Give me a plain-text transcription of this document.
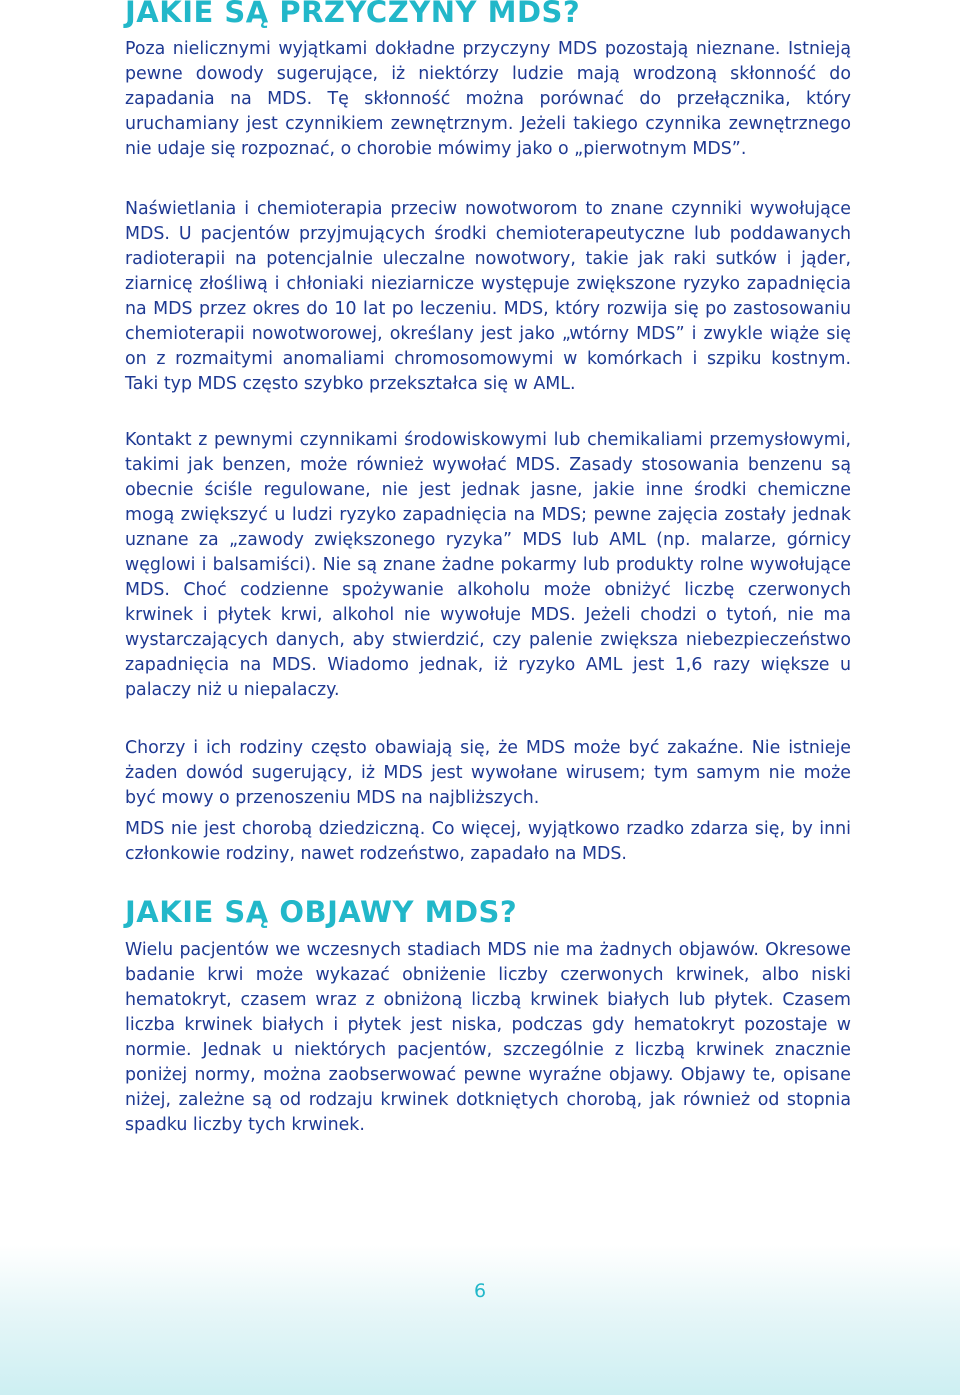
JAKIE SĄ PRZYCZYNY MDS?

Poza nielicznymi wyjątkami dokładne przyczyny MDS pozostają nieznane. Istnieją pewne dowody sugerujące, iż niektórzy ludzie mają wrodzoną skłonność do zapadania na MDS. Tę skłonność można porównać do przełącznika, który uruchamiany jest czynnikiem zewnętrznym. Jeżeli takiego czynnika zewnętrznego nie udaje się rozpoznać, o chorobie mówimy jako o „pierwotnym MDS”.

Naświetlania i chemioterapia przeciw nowotworom to znane czynniki wywołujące MDS. U pacjentów przyjmujących środki chemioterapeutyczne lub poddawanych radioterapii na potencjalnie uleczalne nowotwory, takie jak raki sutków i jąder, ziarnicę złośliwą i chłoniaki nieziarnicze występuje zwiększone ryzyko zapadnięcia na MDS przez okres do 10 lat po leczeniu. MDS, który rozwija się po zastosowaniu chemioterapii nowotworowej, określany jest jako „wtórny MDS” i zwykle wiąże się on z rozmaitymi anomaliami chromosomowymi w komórkach i szpiku kostnym. Taki typ MDS często szybko przekształca się w AML.

Kontakt z pewnymi czynnikami środowiskowymi lub chemikaliami przemysłowymi, takimi jak benzen, może również wywołać MDS. Zasady stosowania benzenu są obecnie ściśle regulowane, nie jest jednak jasne, jakie inne środki chemiczne mogą zwiększyć u ludzi ryzyko zapadnięcia na MDS; pewne zajęcia zostały jednak uznane za „zawody zwiększonego ryzyka” MDS lub AML (np. malarze, górnicy węglowi i balsamiści). Nie są znane żadne pokarmy lub produkty rolne wywołujące MDS. Choć codzienne spożywanie alkoholu może obniżyć liczbę czerwonych krwinek i płytek krwi, alkohol nie wywołuje MDS. Jeżeli chodzi o tytoń, nie ma wystarczających danych, aby stwierdzić, czy palenie zwiększa niebezpieczeństwo zapadnięcia na MDS. Wiadomo jednak, iż ryzyko AML jest 1,6 razy większe u palaczy niż u niepalaczy.

Chorzy i ich rodziny często obawiają się, że MDS może być zakaźne. Nie istnieje żaden dowód sugerujący, iż MDS jest wywołane wirusem; tym samym nie może być mowy o przenoszeniu MDS na najbliższych.

MDS nie jest chorobą dziedziczną. Co więcej, wyjątkowo rzadko zdarza się, by inni członkowie rodziny, nawet rodzeństwo, zapadało na MDS.

JAKIE SĄ OBJAWY MDS?

Wielu pacjentów we wczesnych stadiach MDS nie ma żadnych objawów. Okresowe badanie krwi może wykazać obniżenie liczby czerwonych krwinek, albo niski hematokryt, czasem wraz z obniżoną liczbą krwinek białych lub płytek. Czasem liczba krwinek białych i płytek jest niska, podczas gdy hematokryt pozostaje w normie. Jednak u niektórych pacjentów, szczególnie z liczbą krwinek znacznie poniżej normy, można zaobserwować pewne wyraźne objawy. Objawy te, opisane niżej, zależne są od rodzaju krwinek dotkniętych chorobą, jak również od stopnia spadku liczby tych krwinek.

6
